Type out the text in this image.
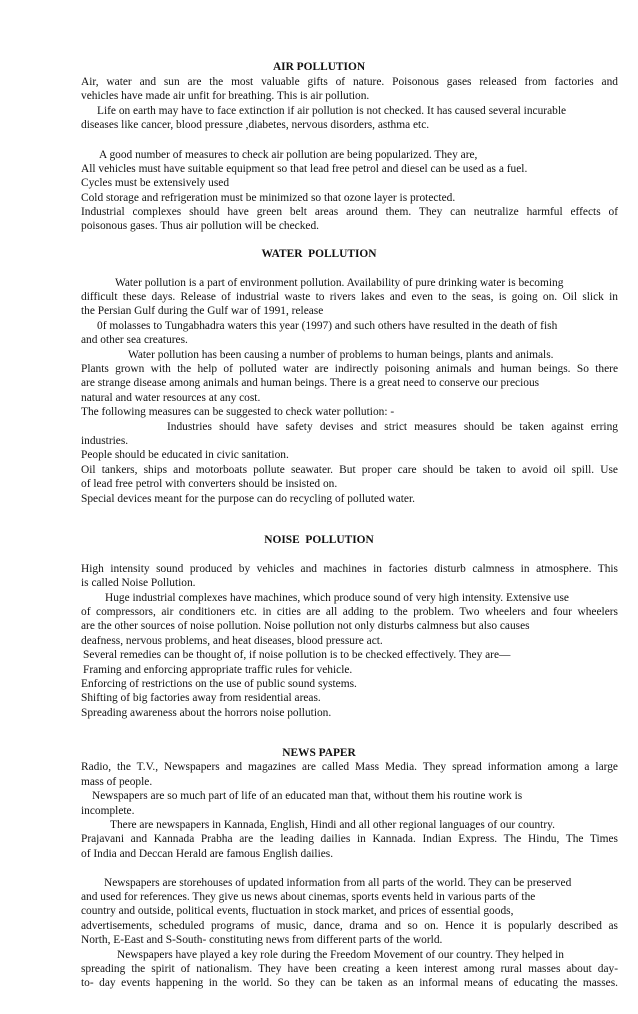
AIR POLLUTION
Air, water and sun are the most valuable gifts of nature. Poisonous gases released from factories and
vehicles have made air unfit for breathing. This is air pollution.
Life on earth may have to face extinction if air pollution is not checked. It has caused several incurable
diseases like cancer, blood pressure ,diabetes, nervous disorders, asthma etc.
A good number of measures to check air pollution are being popularized. They are,
All vehicles must have suitable equipment so that lead free petrol and diesel can be used as a fuel.
Cycles must be extensively used
Cold storage and refrigeration must be minimized so that ozone layer is protected.
Industrial complexes should have green belt areas around them. They can neutralize harmful effects of
poisonous gases. Thus air pollution will be checked.
WATER  POLLUTION
Water pollution is a part of environment pollution. Availability of pure drinking water is becoming
difficult these days. Release of industrial waste to rivers lakes and even to the seas, is going on. Oil slick in
the Persian Gulf during the Gulf war of 1991, release
0f molasses to Tungabhadra waters this year (1997) and such others have resulted in the death of fish
and other sea creatures.
Water pollution has been causing a number of problems to human beings, plants and animals.
Plants grown with the help of polluted water are indirectly poisoning animals and human beings. So there
are strange disease among animals and human beings. There is a great need to conserve our precious
natural and water resources at any cost.
The following measures can be suggested to check water pollution: -
Industries should have safety devises and strict measures should be taken against erring
industries.
People should be educated in civic sanitation.
Oil tankers, ships and motorboats pollute seawater. But proper care should be taken to avoid oil spill. Use
of lead free petrol with converters should be insisted on.
Special devices meant for the purpose can do recycling of polluted water.
NOISE  POLLUTION
High intensity sound produced by vehicles and machines in factories disturb calmness in atmosphere. This
is called Noise Pollution.
Huge industrial complexes have machines, which produce sound of very high intensity. Extensive use
of compressors, air conditioners etc. in cities are all adding to the problem. Two wheelers and four wheelers
are the other sources of noise pollution. Noise pollution not only disturbs calmness but also causes
deafness, nervous problems, and heat diseases, blood pressure act.
Several remedies can be thought of, if noise pollution is to be checked effectively. They are—
Framing and enforcing appropriate traffic rules for vehicle.
Enforcing of restrictions on the use of public sound systems.
Shifting of big factories away from residential areas.
Spreading awareness about the horrors noise pollution.
NEWS PAPER
Radio, the T.V., Newspapers and magazines are called Mass Media. They spread information among a large
mass of people.
Newspapers are so much part of life of an educated man that, without them his routine work is
incomplete.
There are newspapers in Kannada, English, Hindi and all other regional languages of our country.
Prajavani and Kannada Prabha are the leading dailies in Kannada. Indian Express. The Hindu, The Times
of India and Deccan Herald are famous English dailies.
Newspapers are storehouses of updated information from all parts of the world. They can be preserved
and used for references. They give us news about cinemas, sports events held in various parts of the
country and outside, political events, fluctuation in stock market, and prices of essential goods,
advertisements, scheduled programs of music, dance, drama and so on. Hence it is popularly described as
North, E-East and S-South- constituting news from different parts of the world.
Newspapers have played a key role during the Freedom Movement of our country. They helped in
spreading the spirit of nationalism. They have been creating a keen interest among rural masses about day-
to- day events happening in the world. So they can be taken as an informal means of educating the masses.
